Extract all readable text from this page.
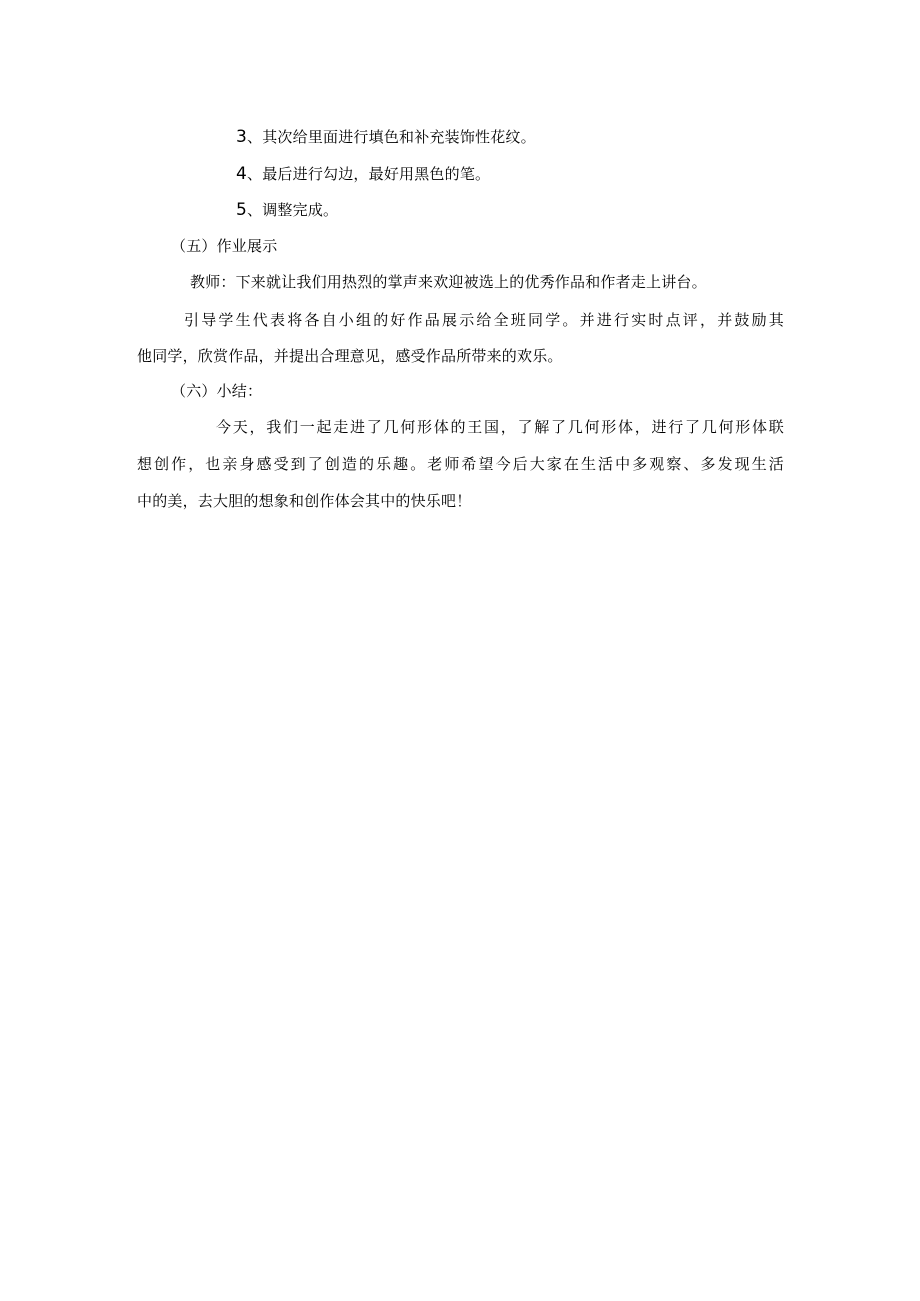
3、其次给里面进行填色和补充装饰性花纹。
4、最后进行勾边，最好用黑色的笔。
5、调整完成。
（五）作业展示
教师：下来就让我们用热烈的掌声来欢迎被选上的优秀作品和作者走上讲台。
引导学生代表将各自小组的好作品展示给全班同学。并进行实时点评，并鼓励其
他同学，欣赏作品，并提出合理意见，感受作品所带来的欢乐。
（六）小结：
今天，我们一起走进了几何形体的王国，了解了几何形体，进行了几何形体联
想创作，也亲身感受到了创造的乐趣。老师希望今后大家在生活中多观察、多发现生活
中的美，去大胆的想象和创作体会其中的快乐吧！
